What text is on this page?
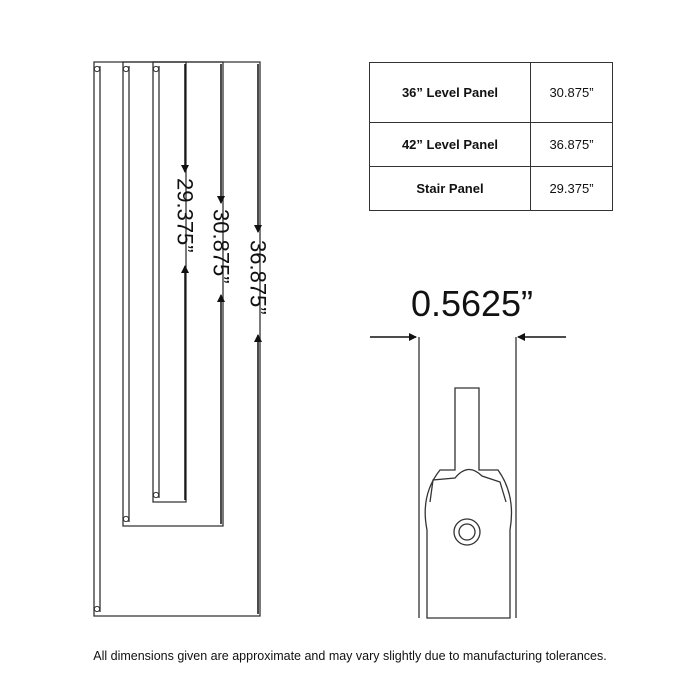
29.375” 30.875” 36.875”	0.5625”
36” Level Panel	30.875”
42” Level Panel	36.875”
Stair Panel	29.375”
All dimensions given are approximate and may vary slightly due to manufacturing tolerances.
